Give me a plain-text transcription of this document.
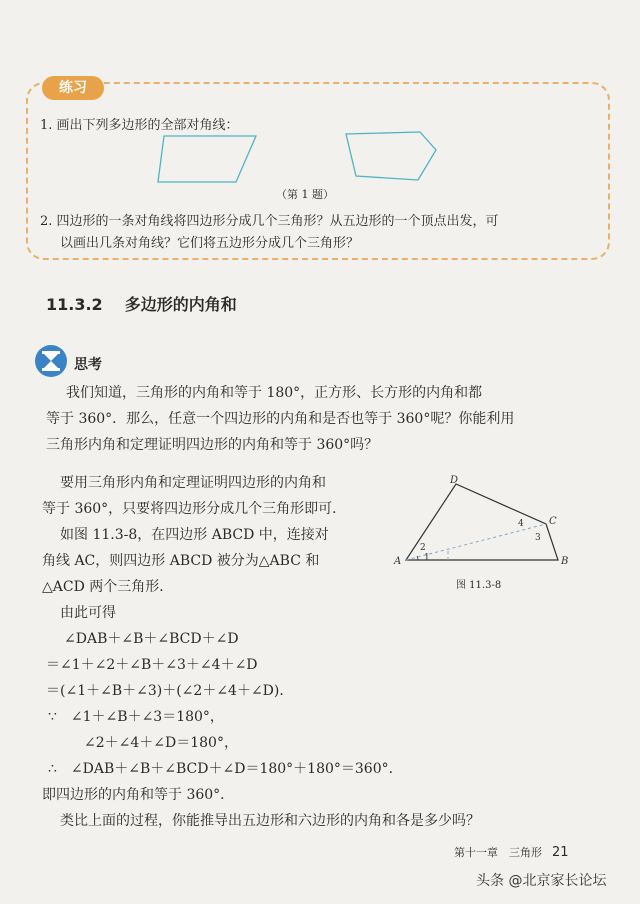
练习
1. 画出下列多边形的全部对角线：
（第 1 题）
2. 四边形的一条对角线将四边形分成几个三角形？从五边形的一个顶点出发，可
以画出几条对角线？它们将五边形分成几个三角形？
11.3.2 多边形的内角和
思考
我们知道，三角形的内角和等于 180°，正方形、长方形的内角和都
等于 360°．那么，任意一个四边形的内角和是否也等于 360°呢？你能利用
三角形内角和定理证明四边形的内角和等于 360°吗？
要用三角形内角和定理证明四边形的内角和
等于 360°，只要将四边形分成几个三角形即可．
如图 11.3-8，在四边形 ABCD 中，连接对
角线 AC，则四边形 ABCD 被分为△ABC 和
△ACD 两个三角形．
由此可得
∠DAB＋∠B＋∠BCD＋∠D
＝∠1＋∠2＋∠B＋∠3＋∠4＋∠D
＝(∠1＋∠B＋∠3)＋(∠2＋∠4＋∠D)．
∵　∠1＋∠B＋∠3＝180°，
∠2＋∠4＋∠D＝180°，
∴　∠DAB＋∠B＋∠BCD＋∠D＝180°＋180°＝360°．
即四边形的内角和等于 360°．
类比上面的过程，你能推导出五边形和六边形的内角和各是多少吗？
A	B
C
D
1
2
3
4
图 11.3-8
第十一章　三角形 21
头条 @北京家长论坛
